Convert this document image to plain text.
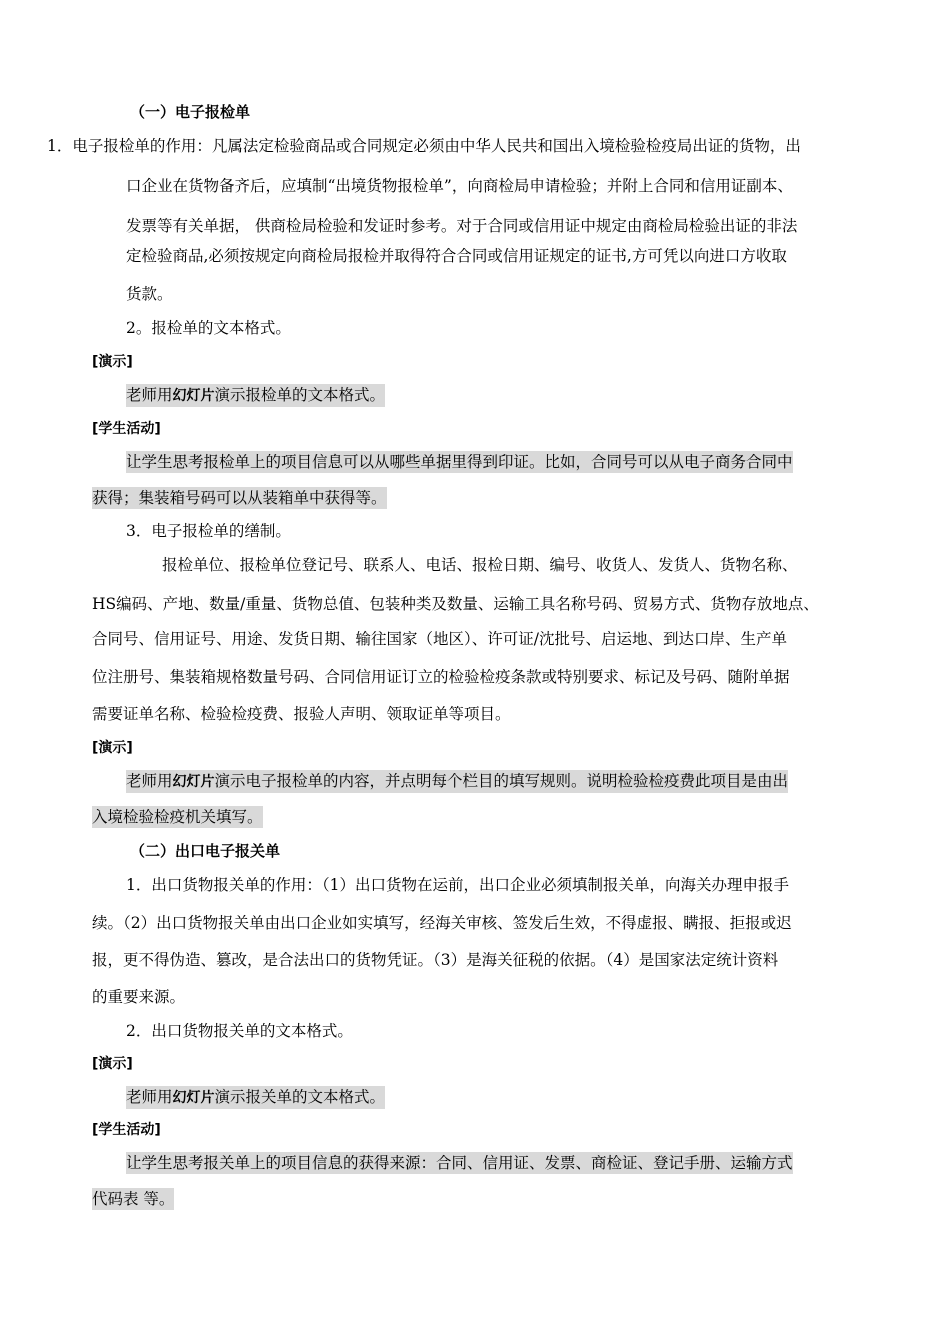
（一）电子报检单
1．电子报检单的作用：凡属法定检验商品或合同规定必须由中华人民共和国出入境检验检疫局出证的货物，出
口企业在货物备齐后，应填制“出境货物报检单”，向商检局申请检验；并附上合同和信用证副本、
发票等有关单据， 供商检局检验和发证时参考。对于合同或信用证中规定由商检局检验出证的非法
定检验商品,必须按规定向商检局报检并取得符合合同或信用证规定的证书,方可凭以向进口方收取
货款。
2。报检单的文本格式。
[演示]
老师用幻灯片演示报检单的文本格式。
[学生活动]
让学生思考报检单上的项目信息可以从哪些单据里得到印证。比如，合同号可以从电子商务合同中
获得；集装箱号码可以从装箱单中获得等。
3．电子报检单的缮制。
报检单位、报检单位登记号、联系人、电话、报检日期、编号、收货人、发货人、货物名称、
HS编码、产地、数量/重量、货物总值、包装种类及数量、运输工具名称号码、贸易方式、货物存放地点、
合同号、信用证号、用途、发货日期、输往国家（地区）、许可证/沈批号、启运地、到达口岸、生产单
位注册号、集装箱规格数量号码、合同信用证订立的检验检疫条款或特别要求、标记及号码、随附单据
需要证单名称、检验检疫费、报验人声明、领取证单等项目。
[演示]
老师用幻灯片演示电子报检单的内容，并点明每个栏目的填写规则。说明检验检疫费此项目是由出
入境检验检疫机关填写。
（二）出口电子报关单
1．出口货物报关单的作用：（1）出口货物在运前，出口企业必须填制报关单，向海关办理申报手
续。（2）出口货物报关单由出口企业如实填写，经海关审核、签发后生效，不得虚报、瞒报、拒报或迟
报，更不得伪造、篡改，是合法出口的货物凭证。（3）是海关征税的依据。（4）是国家法定统计资料
的重要来源。
2．出口货物报关单的文本格式。
[演示]
老师用幻灯片演示报关单的文本格式。
[学生活动]
让学生思考报关单上的项目信息的获得来源：合同、信用证、发票、商检证、登记手册、运输方式
代码表 等。
